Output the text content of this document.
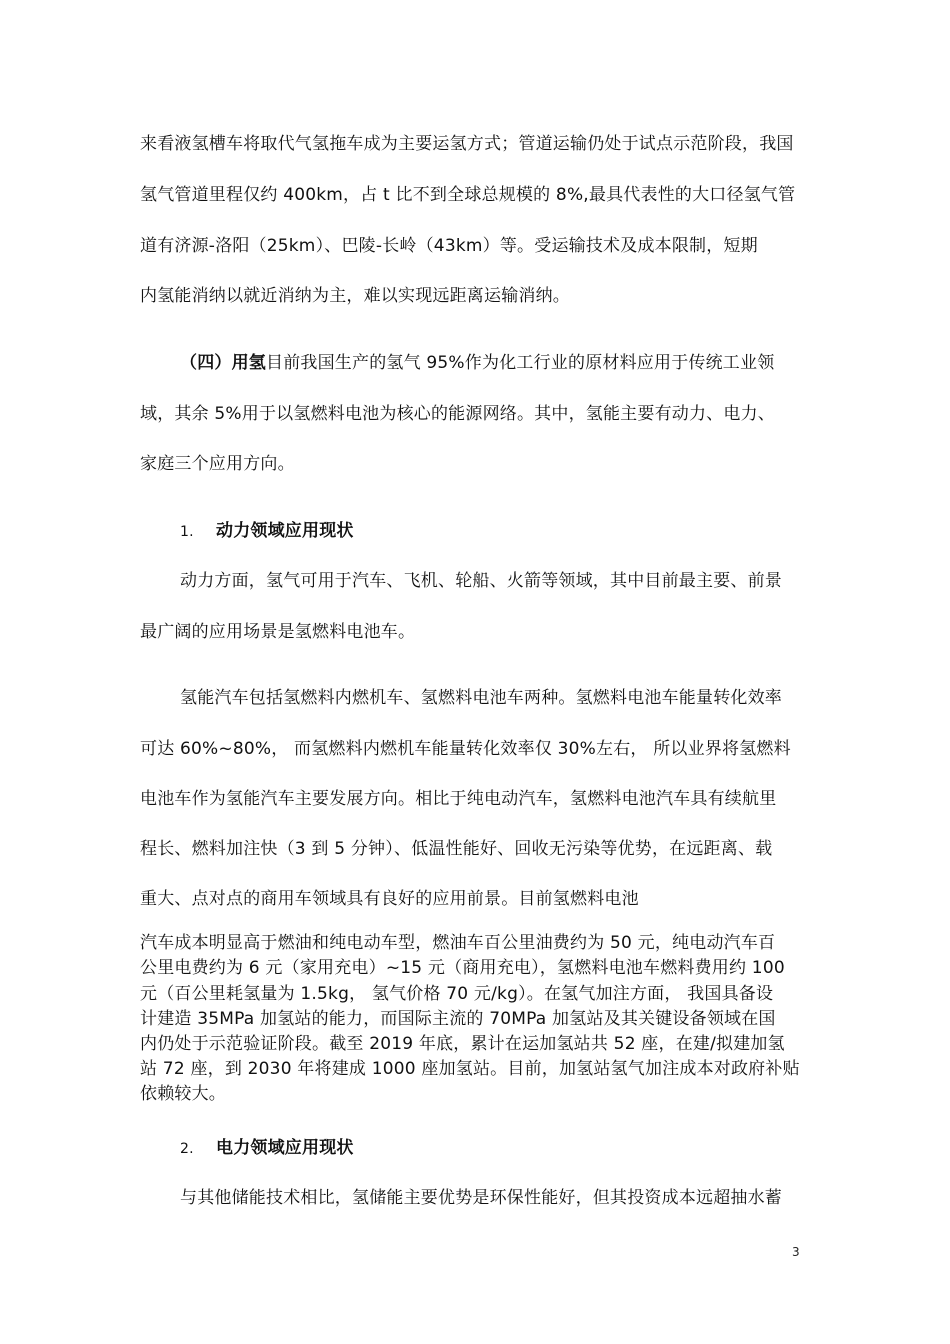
来看液氢槽车将取代气氢拖车成为主要运氢方式；管道运输仍处于试点示范阶段，我国
氢气管道里程仅约 400km，占 t 比不到全球总规模的 8%,最具代表性的大口径氢气管
道有济源-洛阳（25km）、巴陵-长岭（43km）等。受运输技术及成本限制，短期
内氢能消纳以就近消纳为主，难以实现远距离运输消纳。
（四）用氢目前我国生产的氢气 95%作为化工行业的原材料应用于传统工业领
域，其余 5%用于以氢燃料电池为核心的能源网络。其中，氢能主要有动力、电力、
家庭三个应用方向。
1. 动力领域应用现状
动力方面，氢气可用于汽车、飞机、轮船、火箭等领域，其中目前最主要、前景
最广阔的应用场景是氢燃料电池车。
氢能汽车包括氢燃料内燃机车、氢燃料电池车两种。氢燃料电池车能量转化效率
可达 60%~80%， 而氢燃料内燃机车能量转化效率仅 30%左右， 所以业界将氢燃料
电池车作为氢能汽车主要发展方向。相比于纯电动汽车，氢燃料电池汽车具有续航里
程长、燃料加注快（3 到 5 分钟）、低温性能好、回收无污染等优势，在远距离、载
重大、点对点的商用车领域具有良好的应用前景。目前氢燃料电池
汽车成本明显高于燃油和纯电动车型，燃油车百公里油费约为 50 元，纯电动汽车百
公里电费约为 6 元（家用充电）~15 元（商用充电），氢燃料电池车燃料费用约 100
元（百公里耗氢量为 1.5kg， 氢气价格 70 元/kg）。在氢气加注方面， 我国具备设
计建造 35MPa 加氢站的能力，而国际主流的 70MPa 加氢站及其关键设备领域在国
内仍处于示范验证阶段。截至 2019 年底，累计在运加氢站共 52 座，在建/拟建加氢
站 72 座，到 2030 年将建成 1000 座加氢站。目前，加氢站氢气加注成本对政府补贴
依赖较大。
2. 电力领域应用现状
与其他储能技术相比，氢储能主要优势是环保性能好，但其投资成本远超抽水蓄
3
